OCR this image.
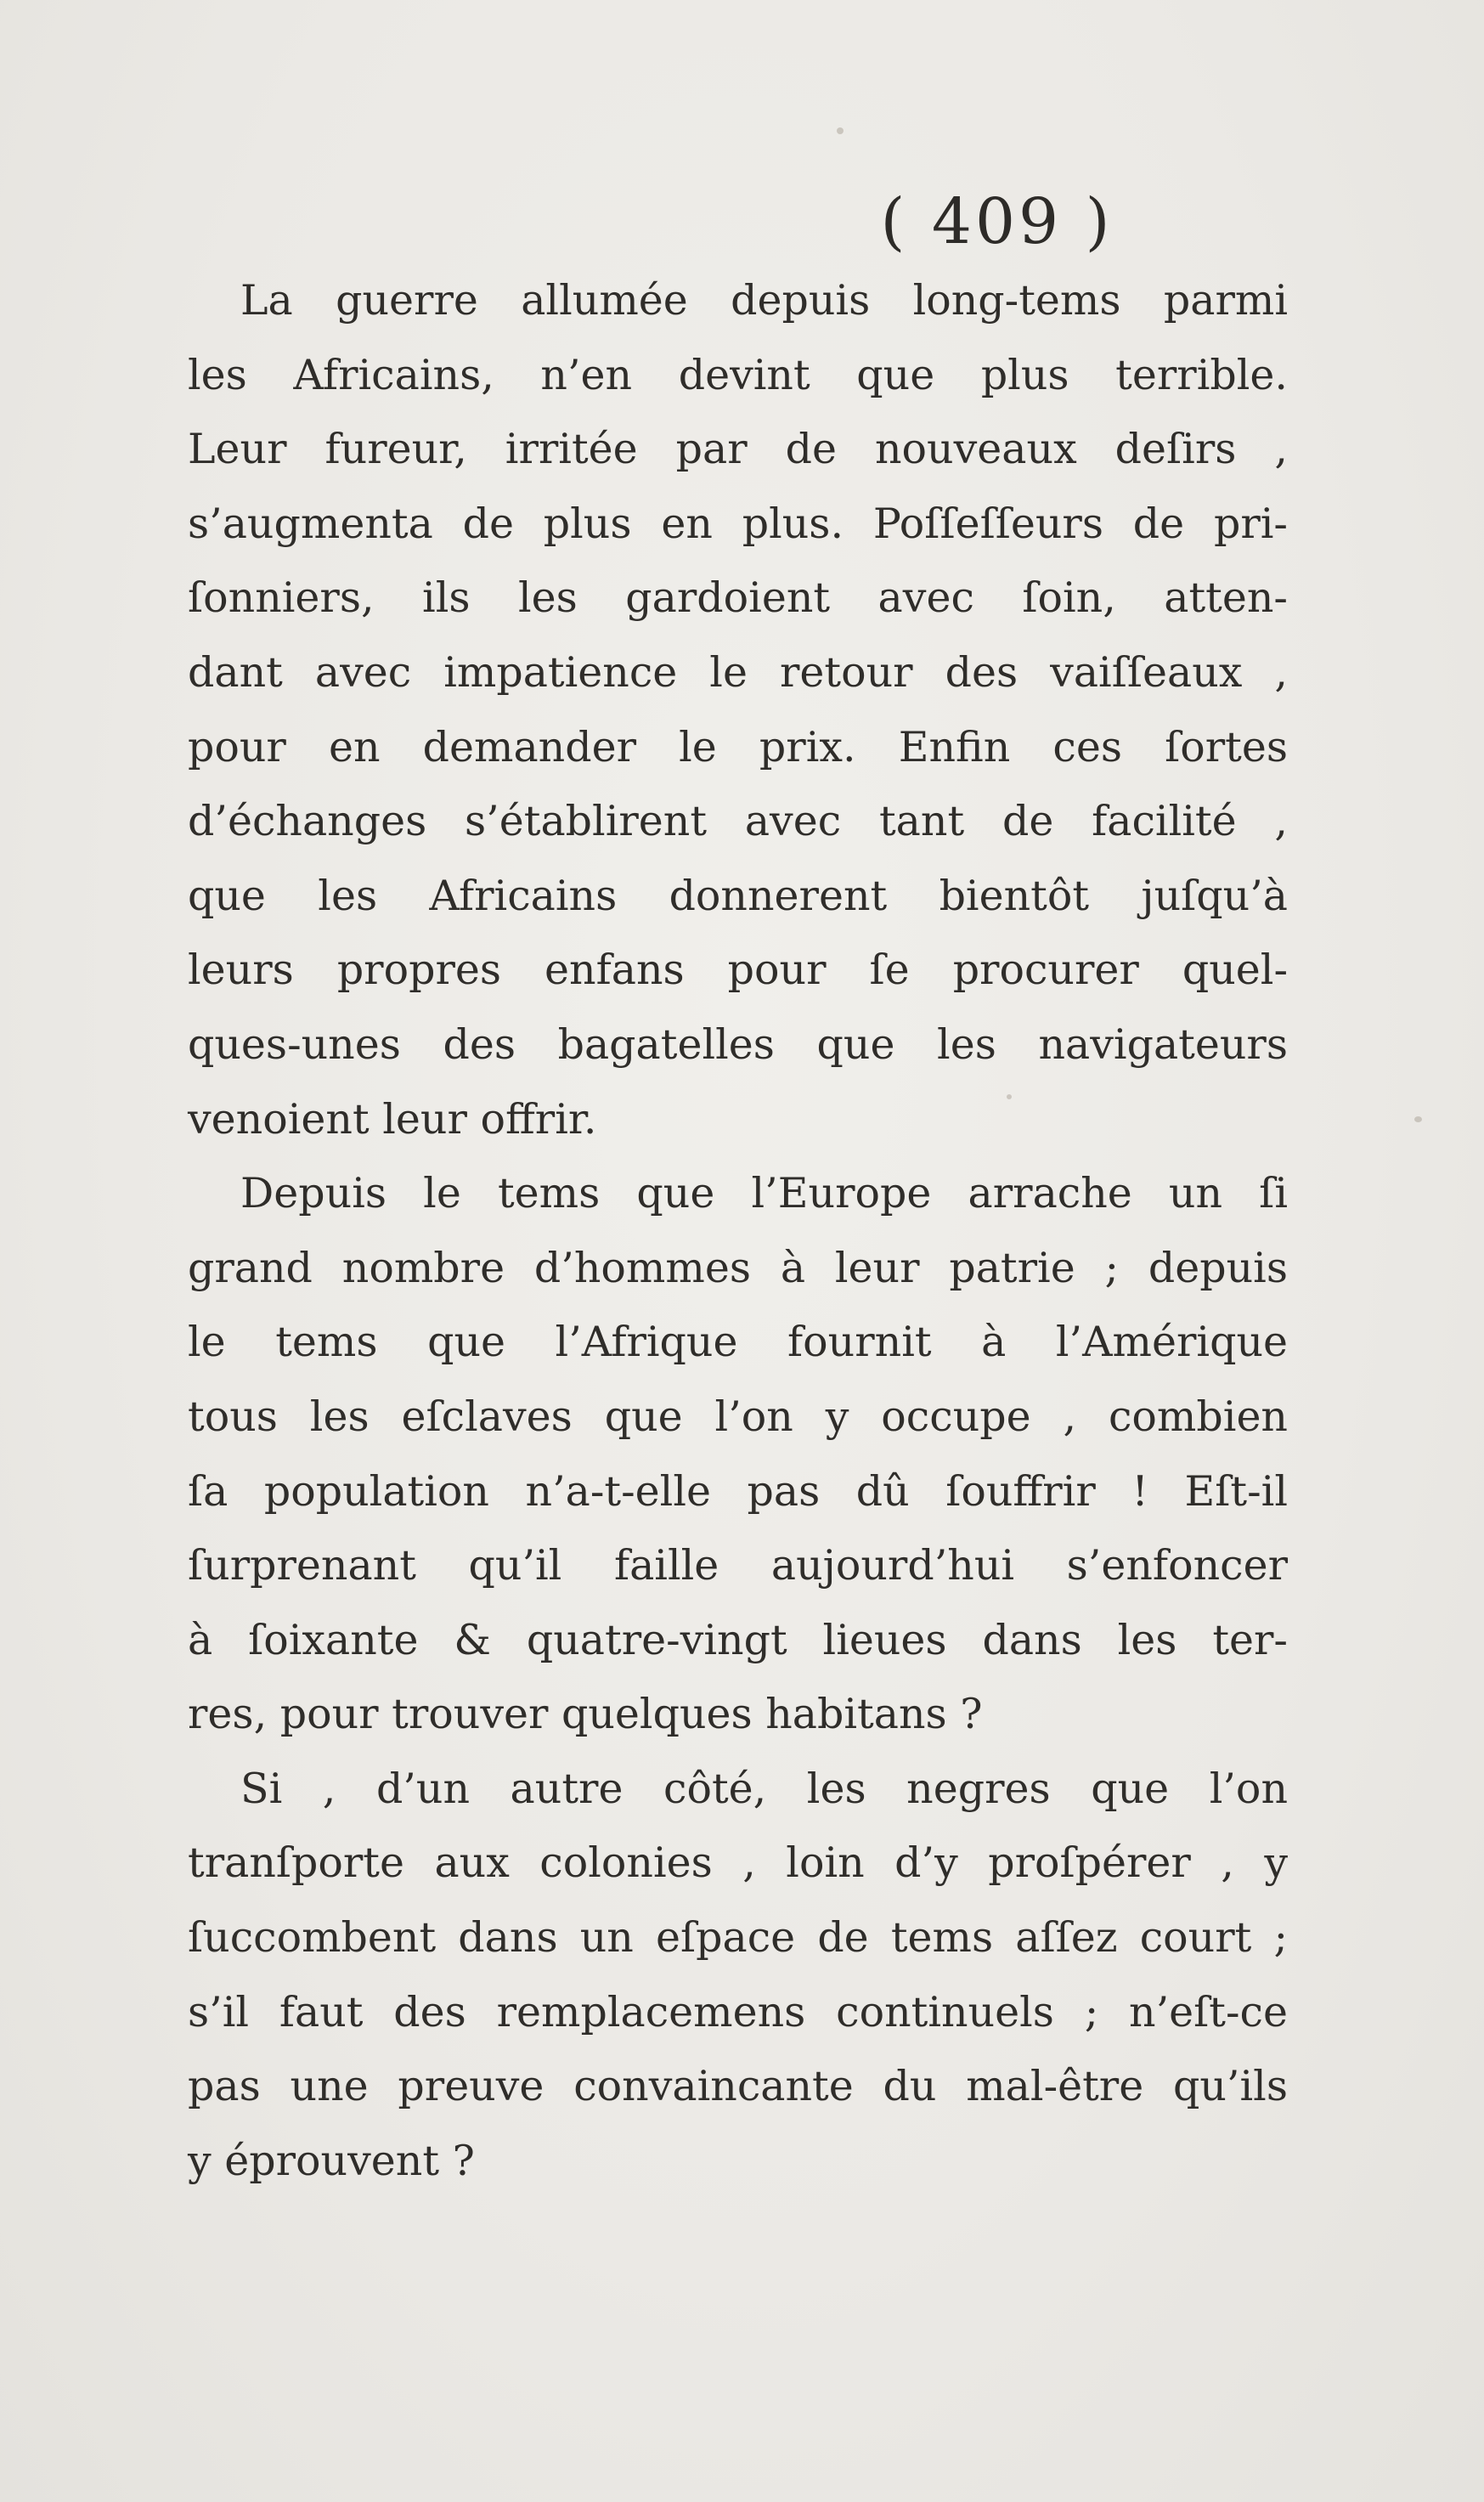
( 409 )
La guerre allumée depuis long-tems parmi
les Africains, n’en devint que plus terrible.
Leur fureur, irritée par de nouveaux deſirs ,
s’augmenta de plus en plus. Poſſeſſeurs de pri-
ſonniers, ils les gardoient avec ſoin, atten-
dant avec impatience le retour des vaiſſeaux ,
pour en demander le prix. Enfin ces ſortes
d’échanges s’établirent avec tant de facilité ,
que les Africains donnerent bientôt juſqu’à
leurs propres enfans pour ſe procurer quel-
ques-unes des bagatelles que les navigateurs
venoient leur offrir.
Depuis le tems que l’Europe arrache un ſi
grand nombre d’hommes à leur patrie ; depuis
le tems que l’Afrique fournit à l’Amérique
tous les eſclaves que l’on y occupe , combien
ſa population n’a-t-elle pas dû ſouffrir ! Eſt-il
ſurprenant qu’il faille aujourd’hui s’enfoncer
à ſoixante & quatre-vingt lieues dans les ter-
res, pour trouver quelques habitans ?
Si , d’un autre côté, les negres que l’on
tranſporte aux colonies , loin d’y proſpérer , y
ſuccombent dans un eſpace de tems aſſez court ;
s’il faut des remplacemens continuels ; n’eſt-ce
pas une preuve convaincante du mal-être qu’ils
y éprouvent ?
